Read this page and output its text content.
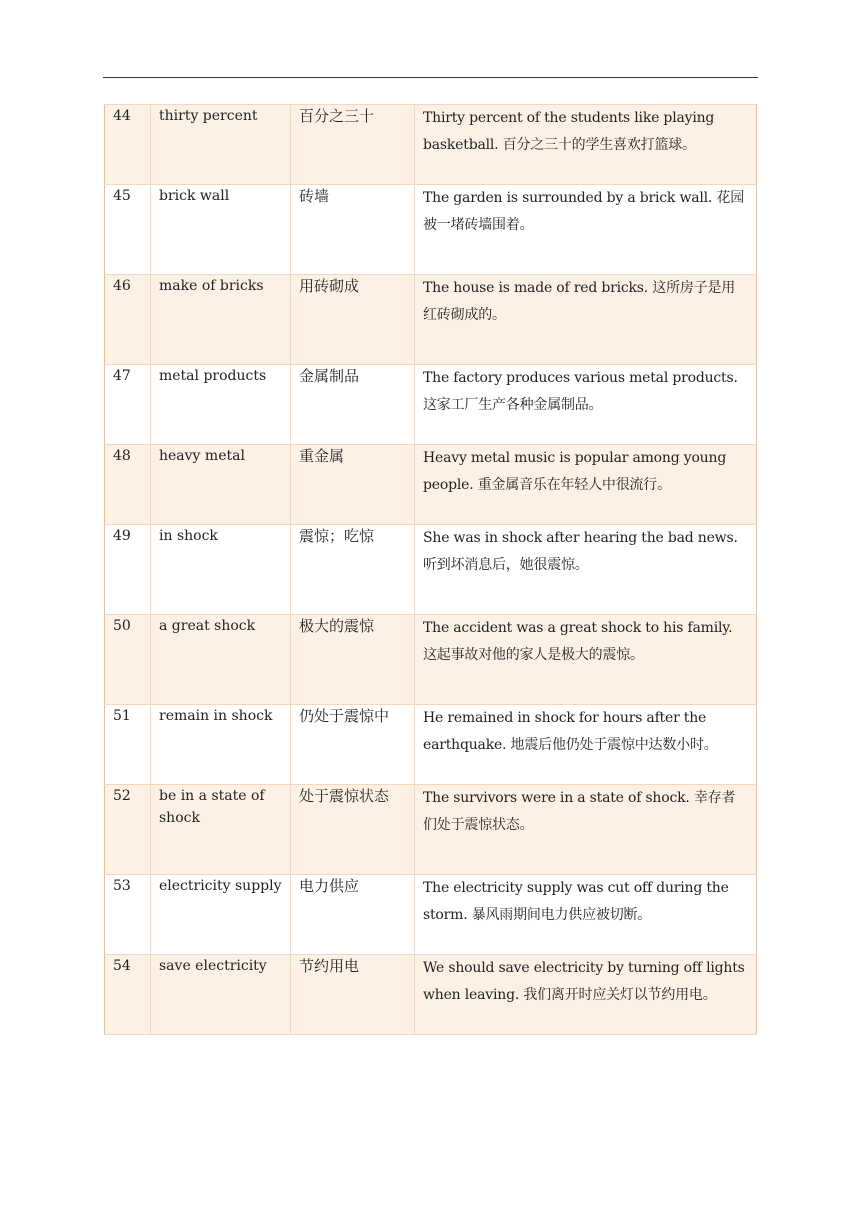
44	thirty percent	百分之三十	Thirty percent of the students like playing basketball. 百分之三十的学生喜欢打篮球。
45	brick wall	砖墙	The garden is surrounded by a brick wall. 花园被一堵砖墙围着。
46	make of bricks	用砖砌成	The house is made of red bricks. 这所房子是用红砖砌成的。
47	metal products	金属制品	The factory produces various metal products. 这家工厂生产各种金属制品。
48	heavy metal	重金属	Heavy metal music is popular among young people. 重金属音乐在年轻人中很流行。
49	in shock	震惊；吃惊	She was in shock after hearing the bad news. 听到坏消息后，她很震惊。
50	a great shock	极大的震惊	The accident was a great shock to his family. 这起事故对他的家人是极大的震惊。
51	remain in shock	仍处于震惊中	He remained in shock for hours after the earthquake. 地震后他仍处于震惊中达数小时。
52	be in a state of shock	处于震惊状态	The survivors were in a state of shock. 幸存者们处于震惊状态。
53	electricity supply	电力供应	The electricity supply was cut off during the storm. 暴风雨期间电力供应被切断。
54	save electricity	节约用电	We should save electricity by turning off lights when leaving. 我们离开时应关灯以节约用电。
